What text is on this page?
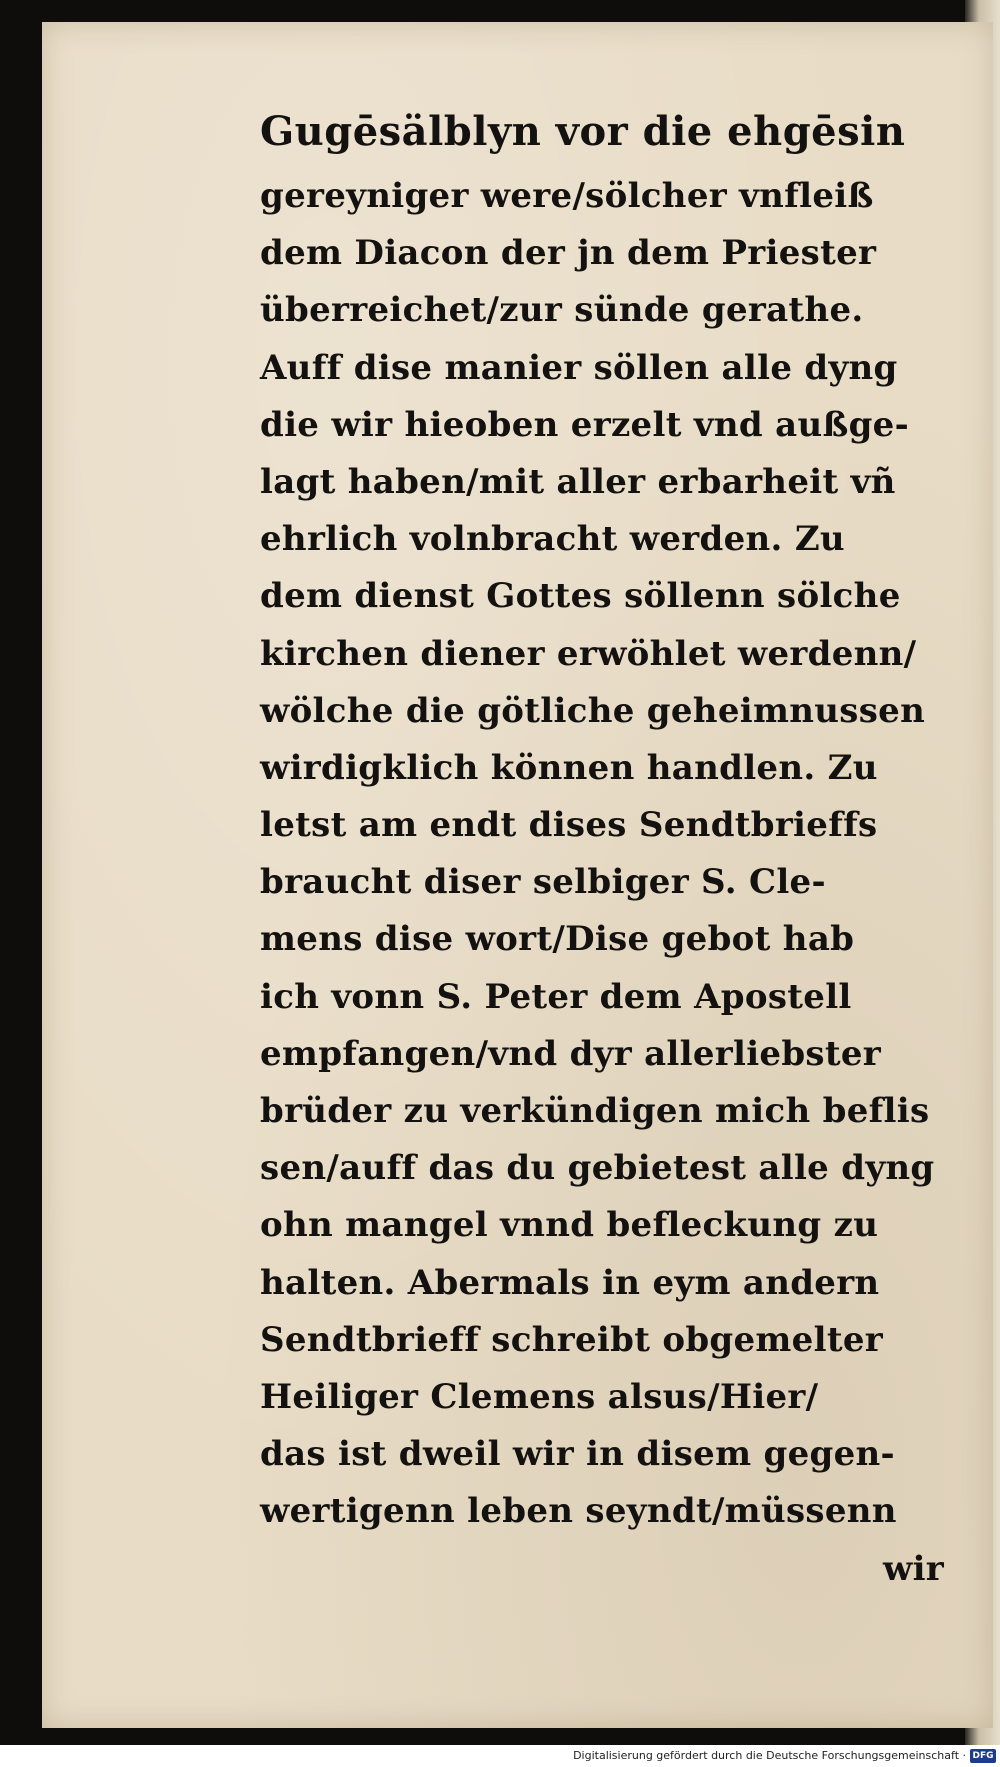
Gugēsälblyn vor die ehgēsin
gereyniger were/sölcher vnfleiß
dem Diacon der jn dem Priester
überreichet/zur sünde gerathe.
Auff dise manier söllen alle dyng
die wir hieoben erzelt vnd außge-
lagt haben/mit aller erbarheit vñ
ehrlich volnbracht werden. Zu
dem dienst Gottes söllenn sölche
kirchen diener erwöhlet werdenn/
wölche die götliche geheimnussen
wirdigklich können handlen. Zu
letst am endt dises Sendtbrieffs
braucht diser selbiger S. Cle-
mens dise wort/Dise gebot hab
ich vonn S. Peter dem Apostell
empfangen/vnd dyr allerliebster
brüder zu verkündigen mich beflis
sen/auff das du gebietest alle dyng
ohn mangel vnnd befleckung zu
halten. Abermals in eym andern
Sendtbrieff schreibt obgemelter
Heiliger Clemens alsus/Hier/
das ist dweil wir in disem gegen-
wertigenn leben seyndt/müssenn
wir
Digitalisierung gefördert durch die Deutsche Forschungsgemeinschaft · DFG
